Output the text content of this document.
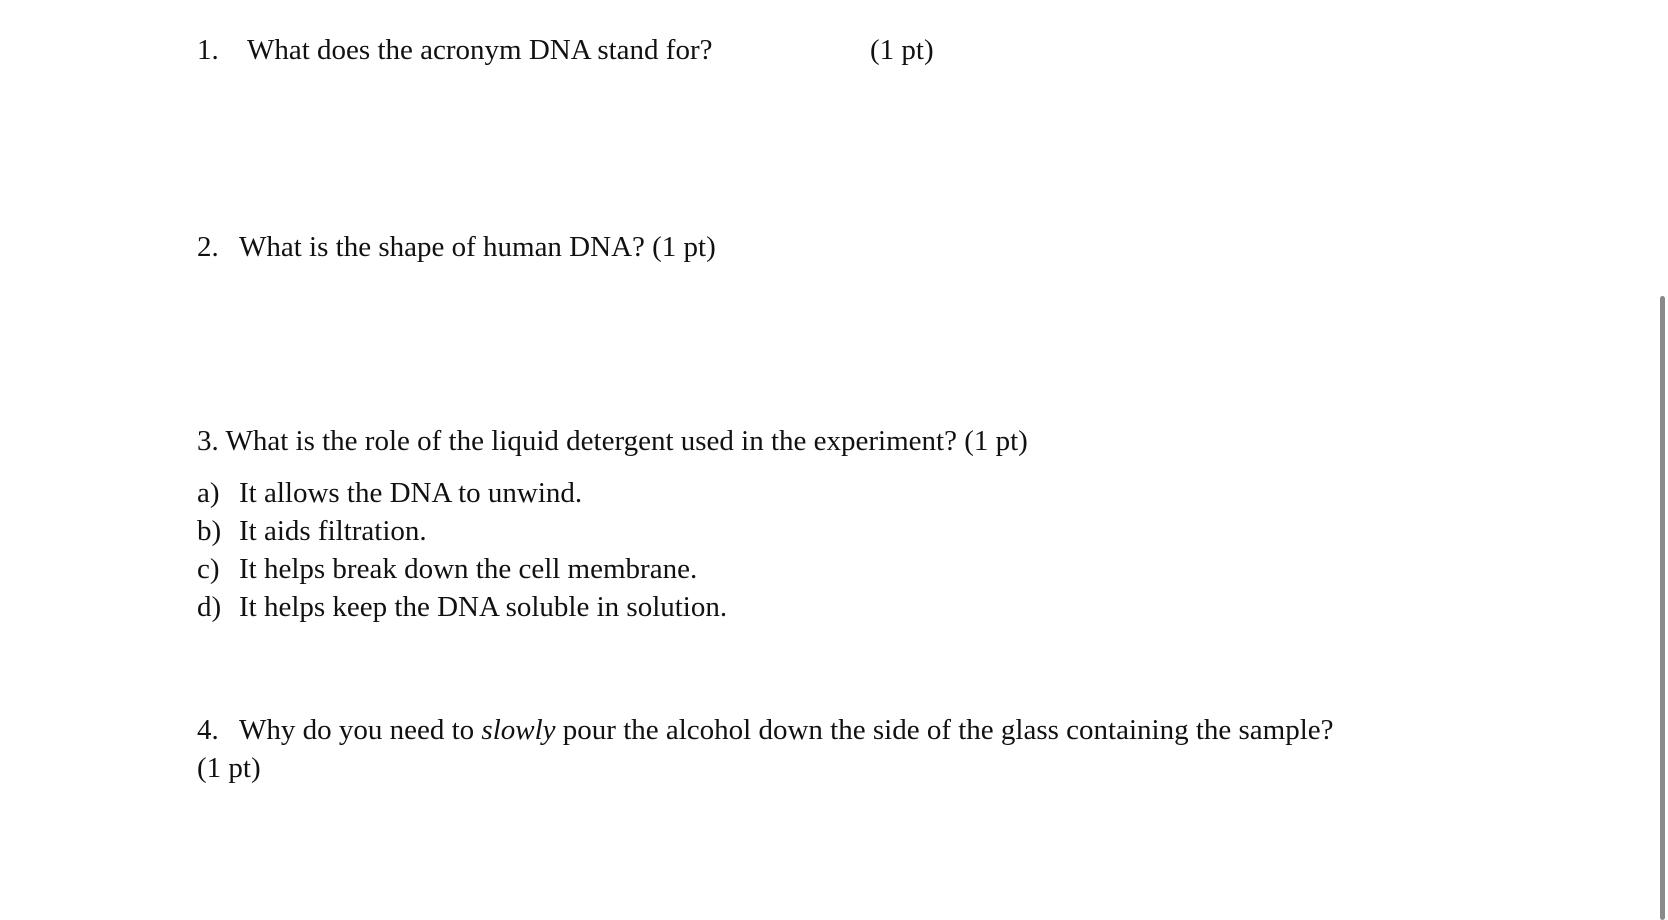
1. What does the acronym DNA stand for?	(1 pt)
2. What is the shape of human DNA? (1 pt)
3. What is the role of the liquid detergent used in the experiment? (1 pt)
a) It allows the DNA to unwind.
b) It aids filtration.
c) It helps break down the cell membrane.
d) It helps keep the DNA soluble in solution.
4. Why do you need to slowly pour the alcohol down the side of the glass containing the sample?
(1 pt)
